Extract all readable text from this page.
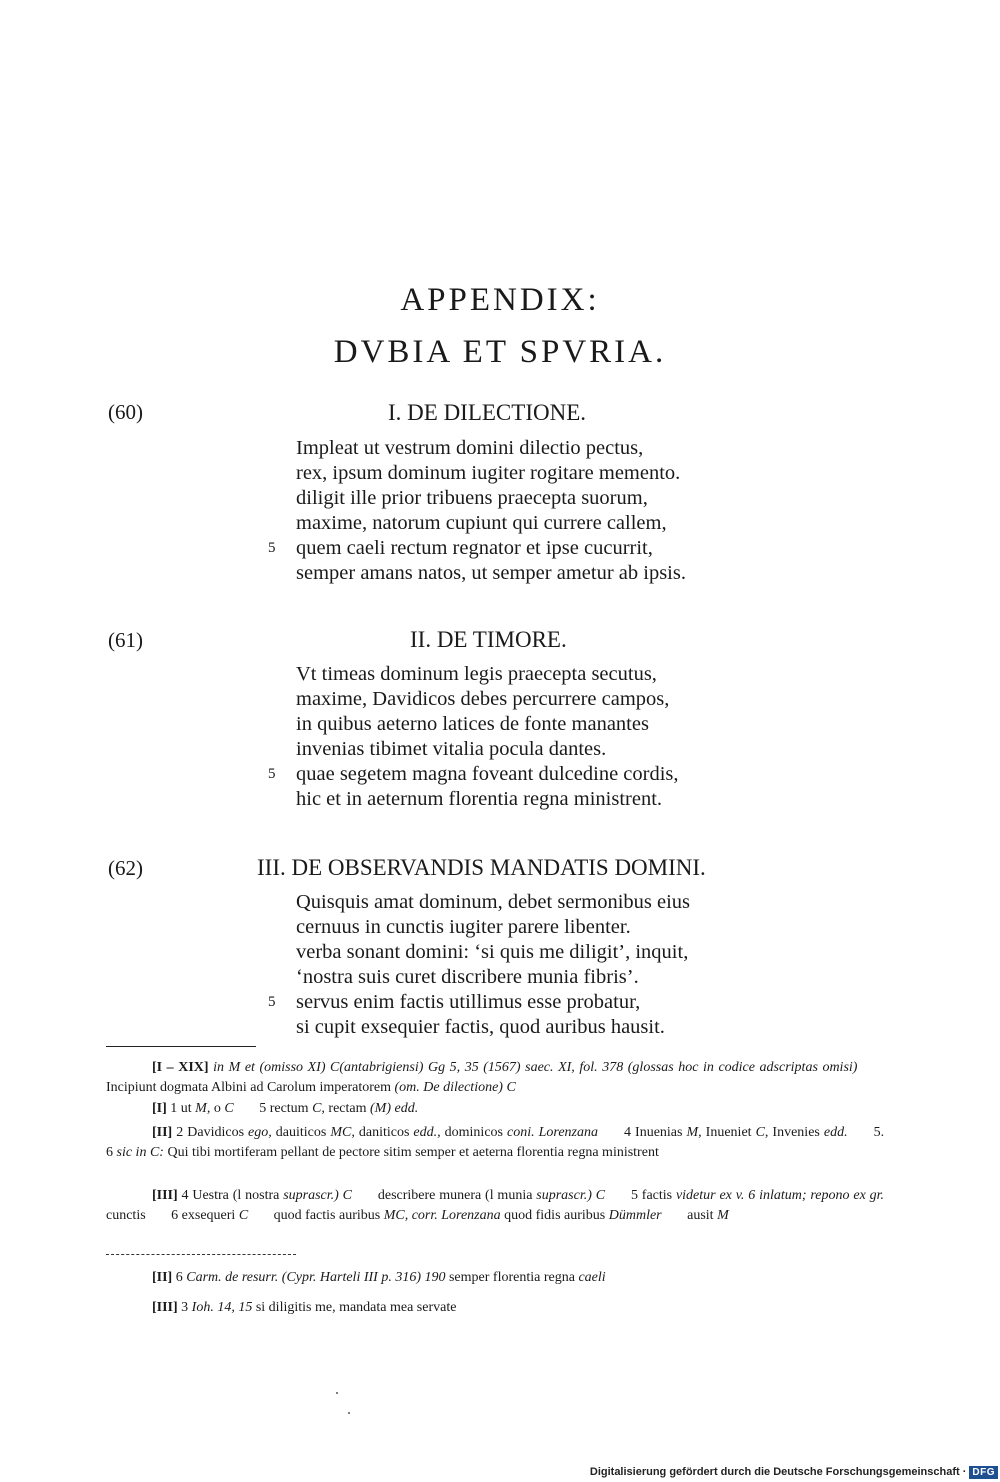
APPENDIX:
DVBIA ET SPVRIA.
(60)	I. DE DILECTIONE.
Impleat ut vestrum domini dilectio pectus,
rex, ipsum dominum iugiter rogitare memento.
diligit ille prior tribuens praecepta suorum,
maxime, natorum cupiunt qui currere callem,
5 quem caeli rectum regnator et ipse cucurrit,
semper amans natos, ut semper ametur ab ipsis.
(61)	II. DE TIMORE.
Vt timeas dominum legis praecepta secutus,
maxime, Davidicos debes percurrere campos,
in quibus aeterno latices de fonte manantes
invenias tibimet vitalia pocula dantes.
5 quae segetem magna foveant dulcedine cordis,
hic et in aeternum florentia regna ministrent.
(62)	III. DE OBSERVANDIS MANDATIS DOMINI.
Quisquis amat dominum, debet sermonibus eius
cernuus in cunctis iugiter parere libenter.
verba sonant domini: ‘si quis me diligit’, inquit,
‘nostra suis curet discribere munia fibris’.
5 servus enim factis utillimus esse probatur,
si cupit exsequier factis, quod auribus hausit.
[I – XIX] in M et (omisso XI) C(antabrigiensi) Gg 5, 35 (1567) saec. XI, fol. 378 (glossas hoc in codice adscriptas omisi) Incipiunt dogmata Albini ad Carolum imperatorem (om. De dilectione) C
[I] 1 ut M, o C 5 rectum C, rectam (M) edd.
[II] 2 Davidicos ego, dauiticos MC, daniticos edd., dominicos coni. Lorenzana 4 Inuenias M, Inueniet C, Invenies edd. 5. 6 sic in C: Qui tibi mortiferam pellant de pectore sitim semper et aeterna florentia regna ministrent
[III] 4 Uestra (l nostra suprascr.) C describere munera (l munia suprascr.) C 5 factis videtur ex v. 6 inlatum; repono ex gr. cunctis 6 exsequeri C quod factis auribus MC, corr. Lorenzana quod fidis auribus Dümmler ausit M
[II] 6 Carm. de resurr. (Cypr. Harteli III p. 316) 190 semper florentia regna caeli
[III] 3 Ioh. 14, 15 si diligitis me, mandata mea servate
Digitalisierung gefördert durch die Deutsche Forschungsgemeinschaft · DFG
